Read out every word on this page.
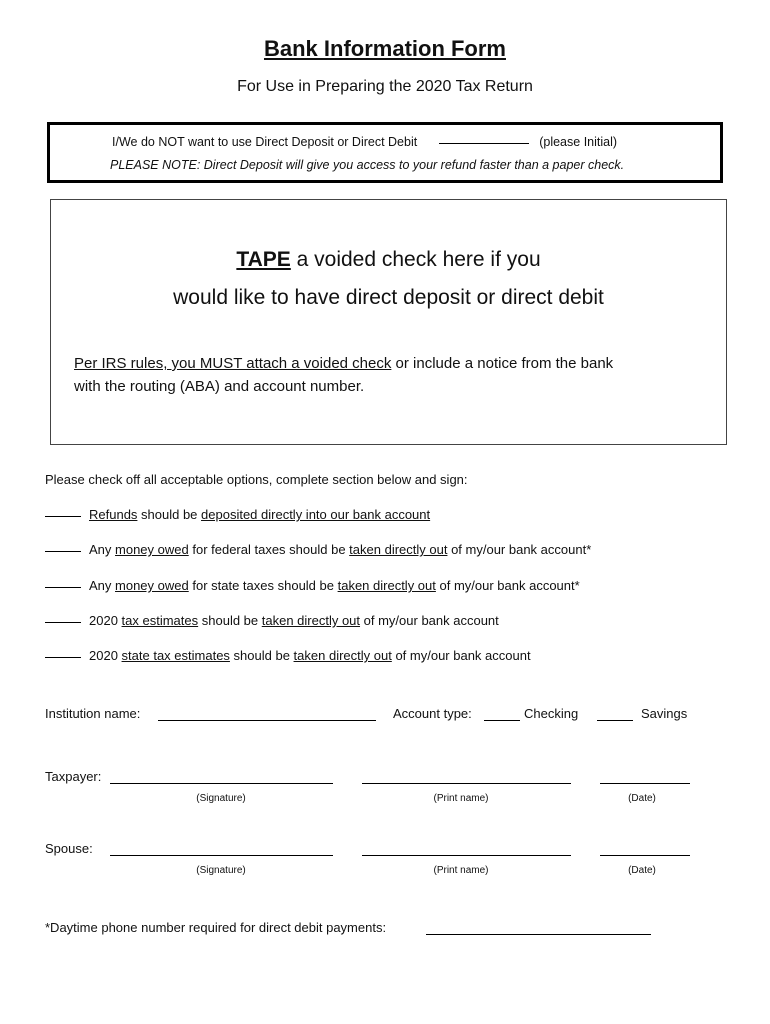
Bank Information Form
For Use in Preparing the 2020 Tax Return
I/We do NOT want to use Direct Deposit or Direct Debit	(please Initial)
PLEASE NOTE: Direct Deposit will give you access to your refund faster than a paper check.
TAPE a voided check here if you
would like to have direct deposit or direct debit
Per IRS rules, you MUST attach a voided check or include a notice from the bank
with the routing (ABA) and account number.
Please check off all acceptable options, complete section below and sign:
Refunds should be deposited directly into our bank account
Any money owed for federal taxes should be taken directly out of my/our bank account*
Any money owed for state taxes should be taken directly out of my/our bank account*
2020 tax estimates should be taken directly out of my/our bank account
2020 state tax estimates should be taken directly out of my/our bank account
Institution name:	Account type:	Checking	Savings
Taxpayer:
(Signature)	(Print name)	(Date)
Spouse:
(Signature)	(Print name)	(Date)
*Daytime phone number required for direct debit payments:
